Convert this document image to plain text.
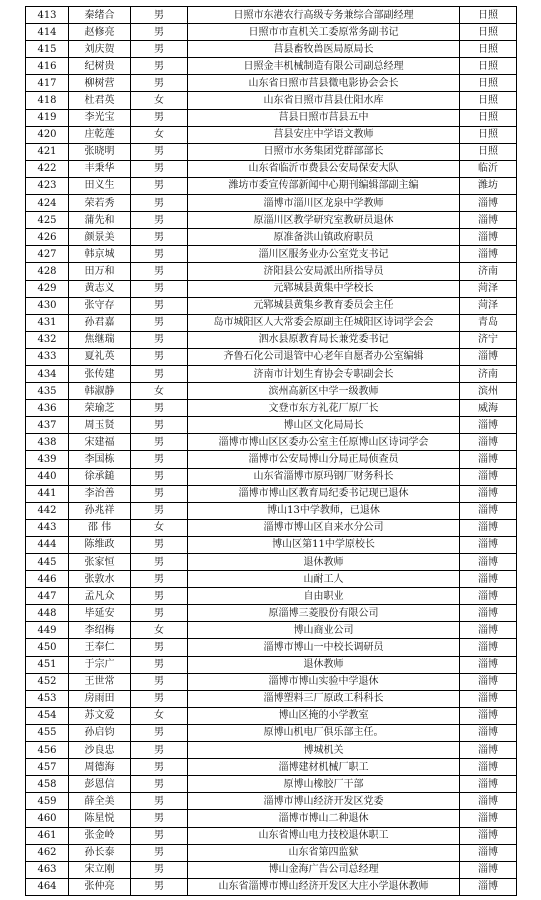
413	秦绪合	男	日照市东港农行高级专务兼综合部副经理	日照
414	赵修亮	男	日照市市直机关工委原常务副书记	日照
415	刘庆贺	男	莒县畜牧兽医局原局长	日照
416	纪树贵	男	日照金丰机械制造有限公司副总经理	日照
417	柳树营	男	山东省日照市莒县微电影协会会长	日照
418	杜君英	女	山东省日照市莒县仕阳水库	日照
419	李光宝	男	莒县日照市莒县五中	日照
420	庄乾莲	女	莒县安庄中学语文教师	日照
421	张晓明	男	日照市水务集团党群部部长	日照
422	丰秉华	男	山东省临沂市费县公安局保安大队	临沂
423	田义生	男	潍坊市委宣传部新闻中心期刊编辑部副主编	潍坊
424	荣若秀	男	淄博市淄川区龙泉中学教师	淄博
425	蒲先和	男	原淄川区教学研究室教研员退休	淄博
426	颜景美	男	原准备洪山镇政府职员	淄博
427	韩京城	男	淄川区服务业办公室党支书记	淄博
428	田万和	男	济阳县公安局派出所指导员	济南
429	黄志义	男	元郓城县黄集中学校长	菏泽
430	张守存	男	元郓城县黄集乡教育委员会主任	菏泽
431	孙君嘉	男	岛市城阳区人大常委会原副主任城阳区诗词学会会	青岛
432	焦继瑞	男	泗水县原教育局长兼党委书记	济宁
433	夏礼英	男	齐鲁石化公司退管中心老年自愿者办公室编辑	淄博
434	张传建	男	济南市计划生育协会专职副会长	济南
435	韩淑静	女	滨州高新区中学一级教师	滨州
436	荣瑜芝	男	文登市东方礼花厂原厂长	威海
437	周玉贤	男	博山区文化局局长	淄博
438	宋建福	男	淄博市博山区区委办公室主任原博山区诗词学会	淄博
439	李国栋	男	淄博市公安局博山分局正局侦查员	淄博
440	徐承鎚	男	山东省淄博市原玛钢厂财务科长	淄博
441	李治善	男	淄博市博山区教育局纪委书记现已退休	淄博
442	孙兆祥	男	博山13中学教师，已退休	淄博
443	邵 伟	女	淄博市博山区自来水分公司	淄博
444	陈维政	男	博山区第11中学原校长	淄博
445	张家恒	男	退休教师	淄博
446	张敦水	男	山耐工人	淄博
447	孟凡众	男	自由职业	淄博
448	毕延安	男	原淄博三菱股份有限公司	淄博
449	李绍梅	女	博山商业公司	淄博
450	王奉仁	男	淄博市博山一中校长调研员	淄博
451	于宗广	男	退休教师	淄博
452	王世常	男	淄博市博山实验中学退休	淄博
453	房雨田	男	淄博塑料三厂原政工科科长	淄博
454	苏文爱	女	博山区掩的小学教室	淄博
455	孙启钧	男	原博山机电厂俱乐部主任。	淄博
456	沙良忠	男	博城机关	淄博
457	周德海	男	淄博建材机械厂职工	淄博
458	彭恩信	男	原博山橡胶厂干部	淄博
459	薛全美	男	淄博市博山经济开发区党委	淄博
460	陈星悦	男	淄博市博山二种退休	淄博
461	张金岭	男	山东省博山电力技校退休职工	淄博
462	孙长泰	男	山东省第四监狱	淄博
463	宋立刚	男	博山金海广告公司总经理	淄博
464	张仲亮	男	山东省淄博市博山经济开发区大庄小学退休教师	淄博
